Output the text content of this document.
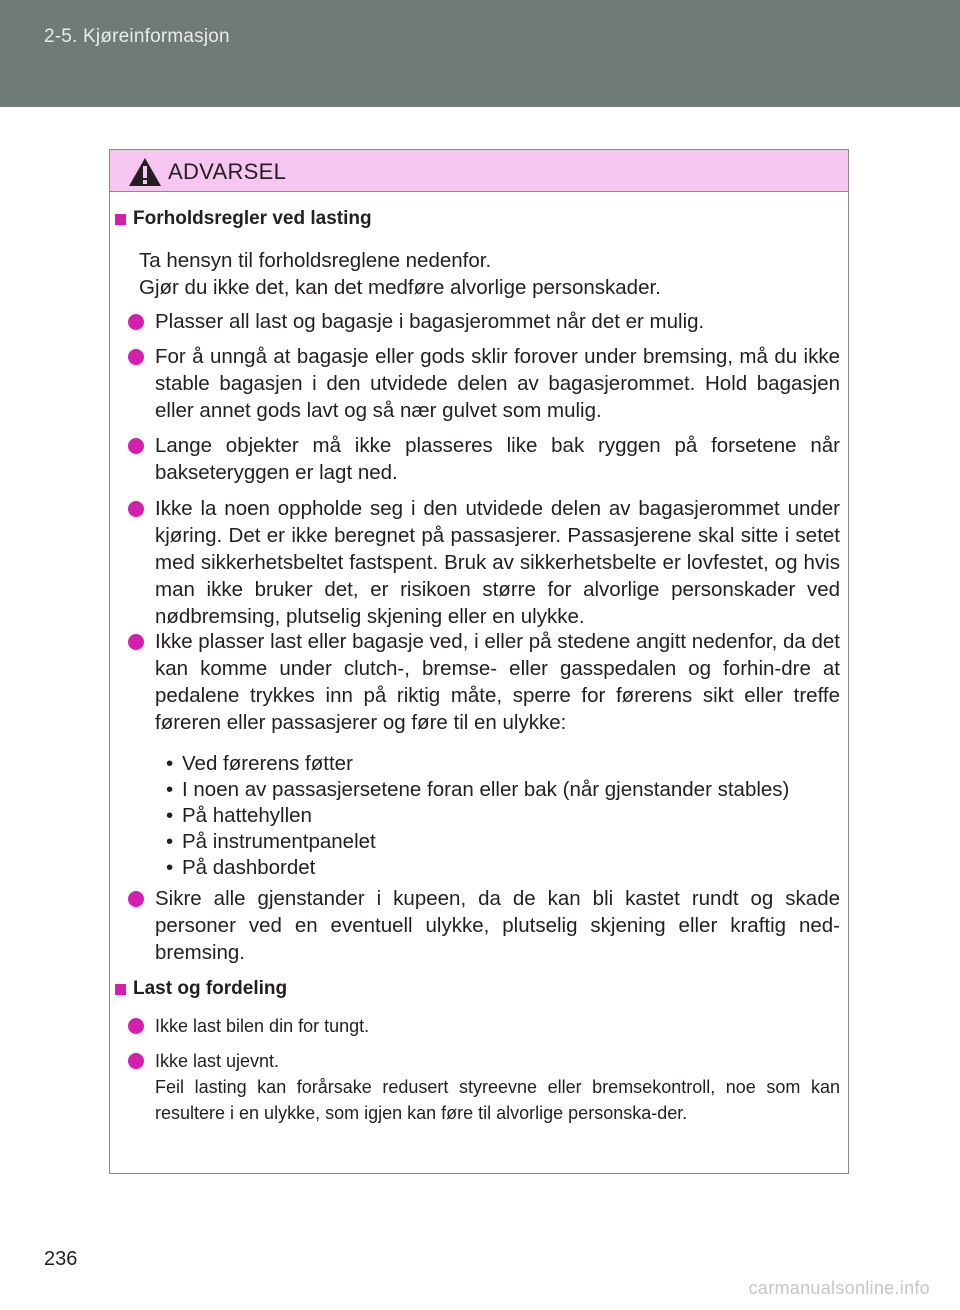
2-5. Kjøreinformasjon
ADVARSEL
Forholdsregler ved lasting
Ta hensyn til forholdsreglene nedenfor.
Gjør du ikke det, kan det medføre alvorlige personskader.
Plasser all last og bagasje i bagasjerommet når det er mulig.
For å unngå at bagasje eller gods sklir forover under bremsing, må du ikke stable bagasjen i den utvidede delen av bagasjerommet. Hold bagasjen eller annet gods lavt og så nær gulvet som mulig.
Lange objekter må ikke plasseres like bak ryggen på forsetene når bakseteryggen er lagt ned.
Ikke la noen oppholde seg i den utvidede delen av bagasjerommet under kjøring. Det er ikke beregnet på passasjerer. Passasjerene skal sitte i setet med sikkerhetsbeltet fastspent. Bruk av sikkerhetsbelte er lovfestet, og hvis man ikke bruker det, er risikoen større for alvorlige personskader ved nødbremsing, plutselig skjening eller en ulykke.
Ikke plasser last eller bagasje ved, i eller på stedene angitt nedenfor, da det kan komme under clutch-, bremse- eller gasspedalen og forhin-dre at pedalene trykkes inn på riktig måte, sperre for førerens sikt eller treffe føreren eller passasjerer og føre til en ulykke:
• Ved førerens føtter
• I noen av passasjersetene foran eller bak (når gjenstander stables)
• På hattehyllen
• På instrumentpanelet
• På dashbordet
Sikre alle gjenstander i kupeen, da de kan bli kastet rundt og skade personer ved en eventuell ulykke, plutselig skjening eller kraftig ned-bremsing.
Last og fordeling
Ikke last bilen din for tungt.
Ikke last ujevnt.
Feil lasting kan forårsake redusert styreevne eller bremsekontroll, noe som kan resultere i en ulykke, som igjen kan føre til alvorlige personska-der.
236
carmanualsonline.info
